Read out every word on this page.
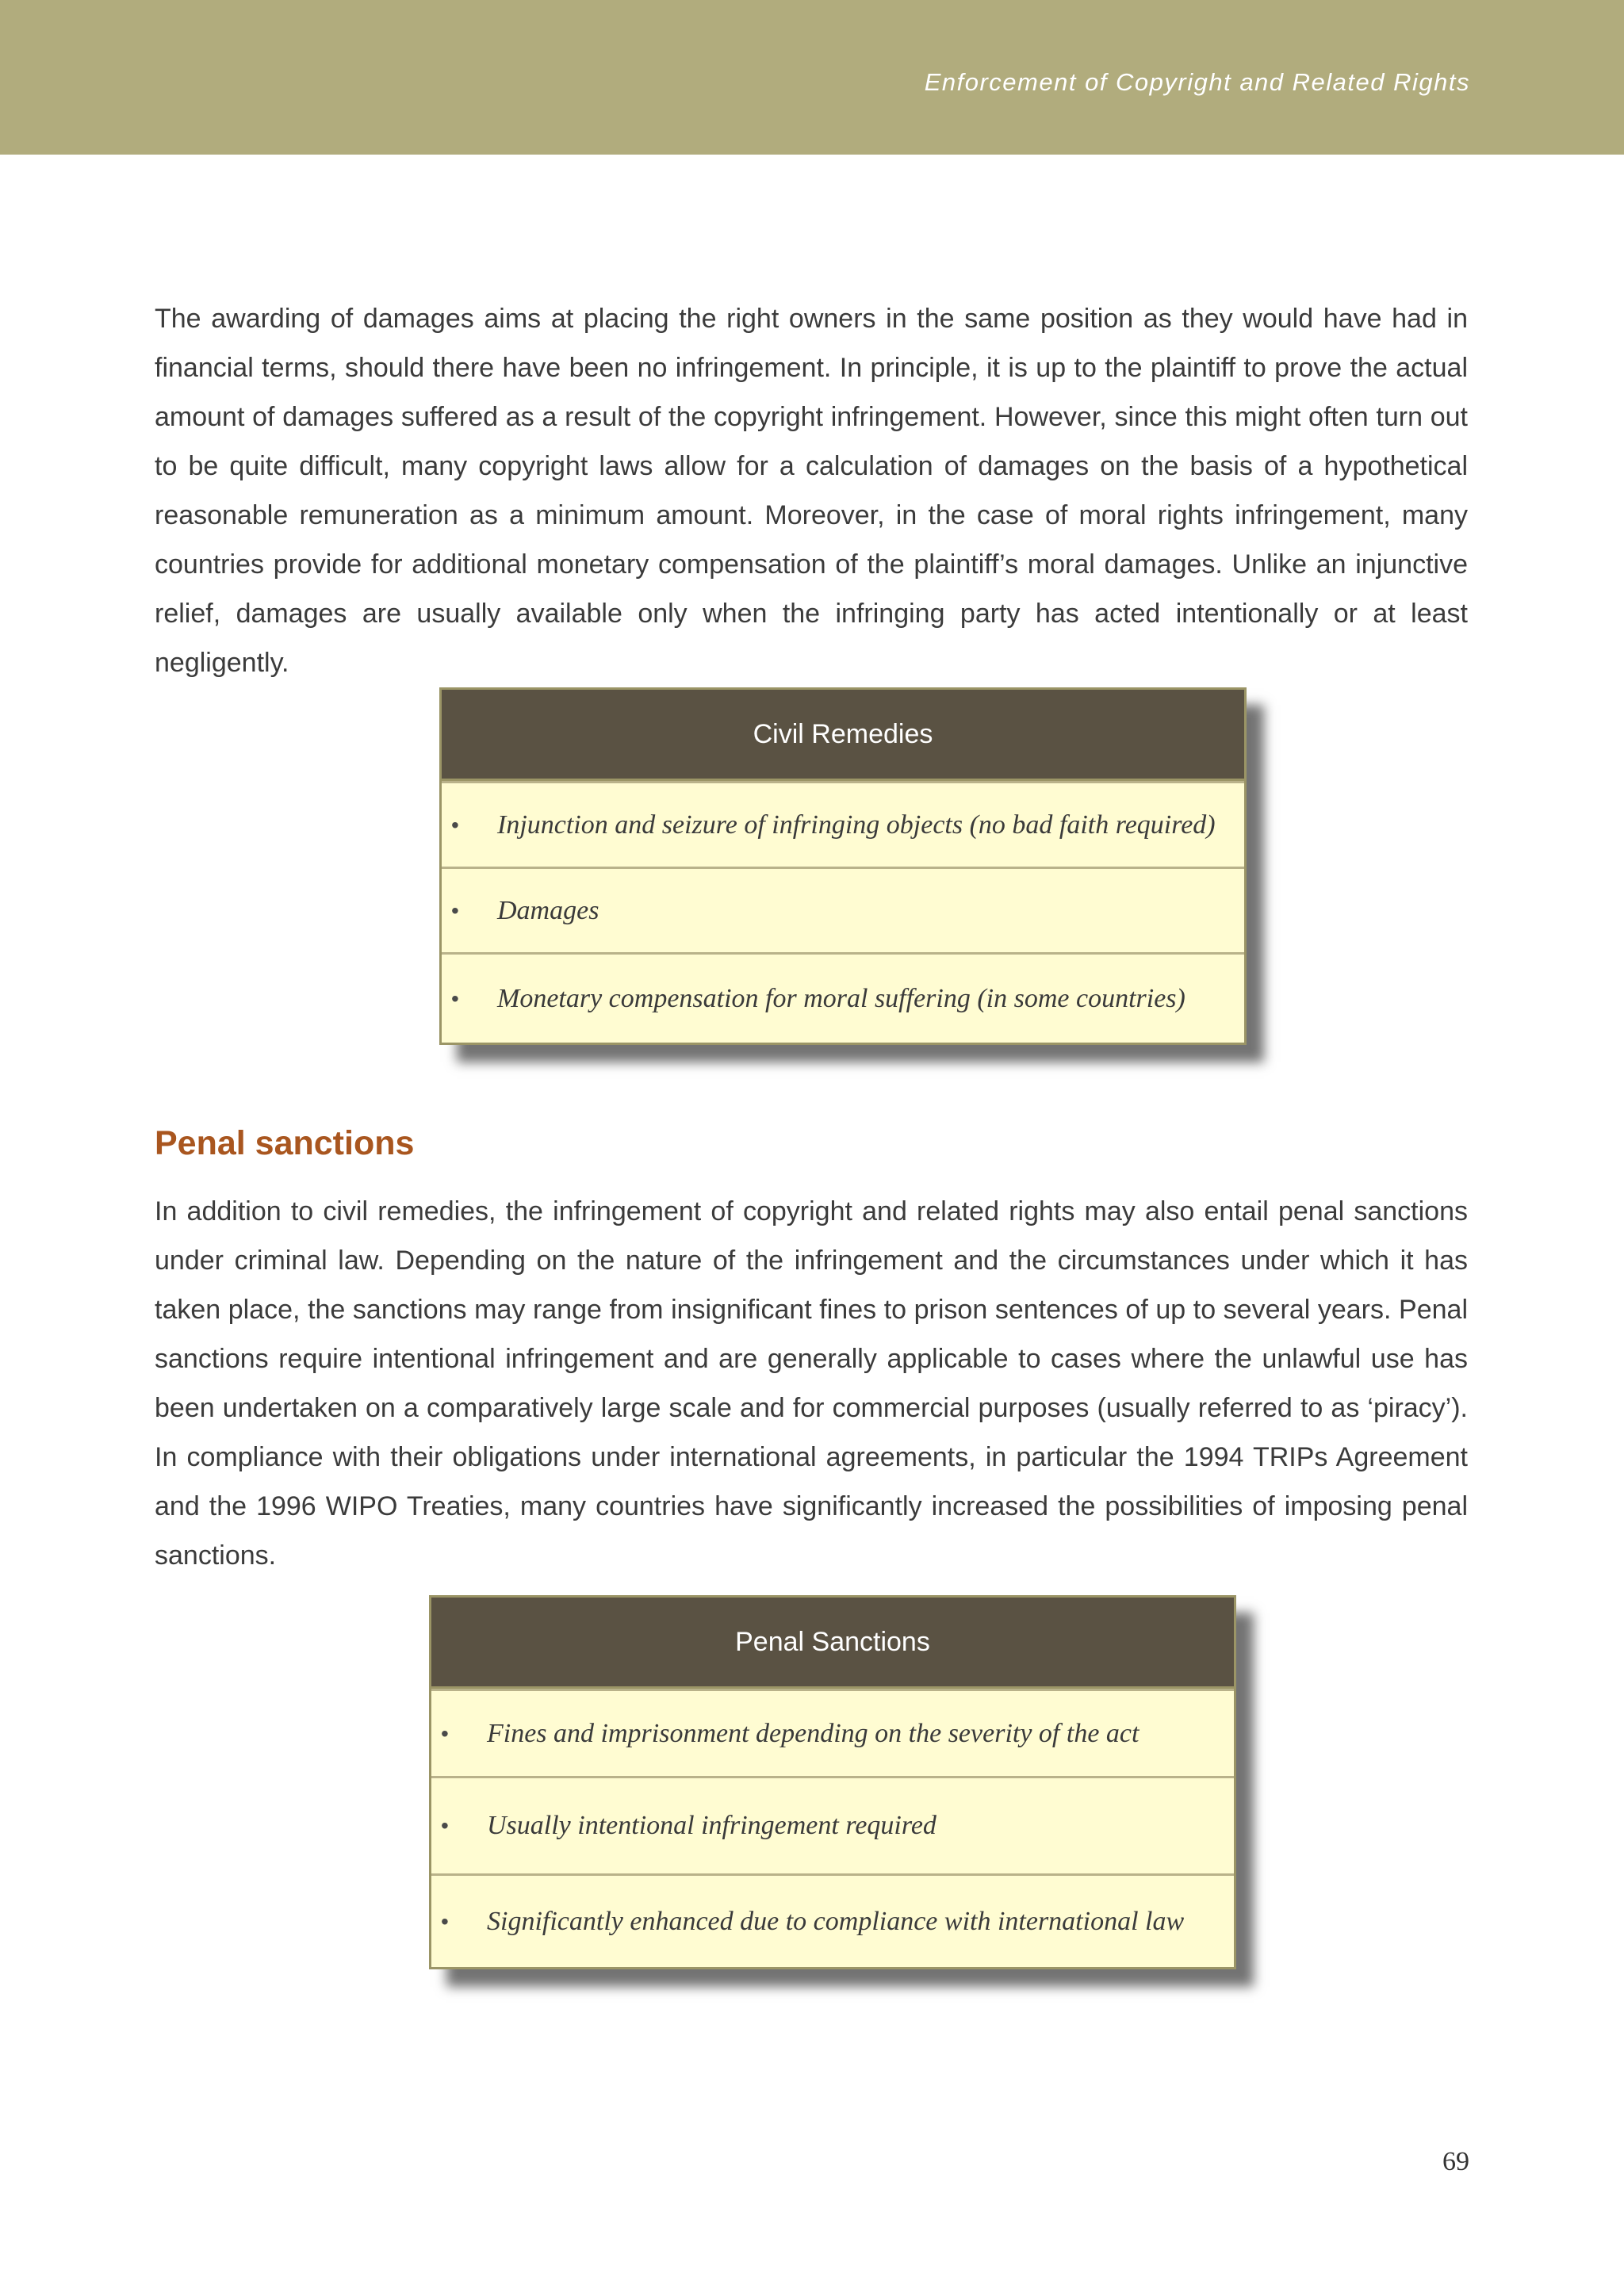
Enforcement of Copyright and Related Rights

The awarding of damages aims at placing the right owners in the same position as they would have had in financial terms, should there have been no infringement. In principle, it is up to the plaintiff to prove the actual amount of damages suffered as a result of the copyright infringement. However, since this might often turn out to be quite difficult, many copyright laws allow for a calculation of damages on the basis of a hypothetical reasonable remuneration as a minimum amount. Moreover, in the case of moral rights infringement, many countries provide for additional monetary compensation of the plaintiff’s moral damages. Unlike an injunctive relief, damages are usually available only when the infringing party has acted intentionally or at least negligently.

Civil Remedies
• Injunction and seizure of infringing objects (no bad faith required)
• Damages
• Monetary compensation for moral suffering (in some countries)
Penal sanctions

In addition to civil remedies, the infringement of copyright and related rights may also entail penal sanctions under criminal law. Depending on the nature of the infringement and the circumstances under which it has taken place, the sanctions may range from insignificant fines to prison sentences of up to several years. Penal sanctions require intentional infringement and are generally applicable to cases where the unlawful use has been undertaken on a comparatively large scale and for commercial purposes (usually referred to as ‘piracy’). In compliance with their obligations under international agreements, in particular the 1994 TRIPs Agreement and the 1996 WIPO Treaties, many countries have significantly increased the possibilities of imposing penal sanctions.

Penal Sanctions
• Fines and imprisonment depending on the severity of the act
• Usually intentional infringement required
• Significantly enhanced due to compliance with international law
69
